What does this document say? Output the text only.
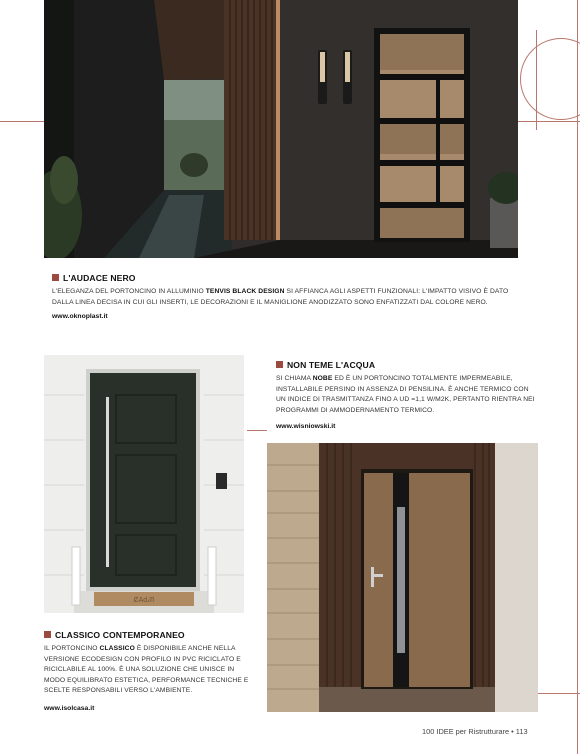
L'AUDACE NERO
L'ELEGANZA DEL PORTONCINO IN ALLUMINIO TENVIS BLACK DESIGN SI AFFIANCA AGLI ASPETTI FUNZIONALI: L'IMPATTO VISIVO È DATO DALLA LINEA DECISA IN CUI GLI INSERTI, LE DECORAZIONI E IL MANIGLIONE ANODIZZATO SONO ENFATIZZATI DAL COLORE NERO.
www.oknoplast.it
ȻAԃᗰ
NON TEME L'ACQUA
SI CHIAMA NOBE ED È UN PORTONCINO TOTALMENTE IMPERMEABILE, INSTALLABILE PERSINO IN ASSENZA DI PENSILINA. È ANCHE TERMICO CON UN INDICE DI TRASMITTANZA FINO A UD =1,1 W/M2K, PERTANTO RIENTRA NEI PROGRAMMI DI AMMODERNAMENTO TERMICO.
www.wisniowski.it
CLASSICO CONTEMPORANEO
IL PORTONCINO CLASSICO È DISPONIBILE ANCHE NELLA VERSIONE ECODESIGN CON PROFILO IN PVC RICICLATO E RICICLABILE AL 100%. È UNA SOLUZIONE CHE UNISCE IN MODO EQUILIBRATO ESTETICA, PERFORMANCE TECNICHE E SCELTE RESPONSABILI VERSO L'AMBIENTE.
www.isolcasa.it
100 IDEE per Ristrutturare • 113
